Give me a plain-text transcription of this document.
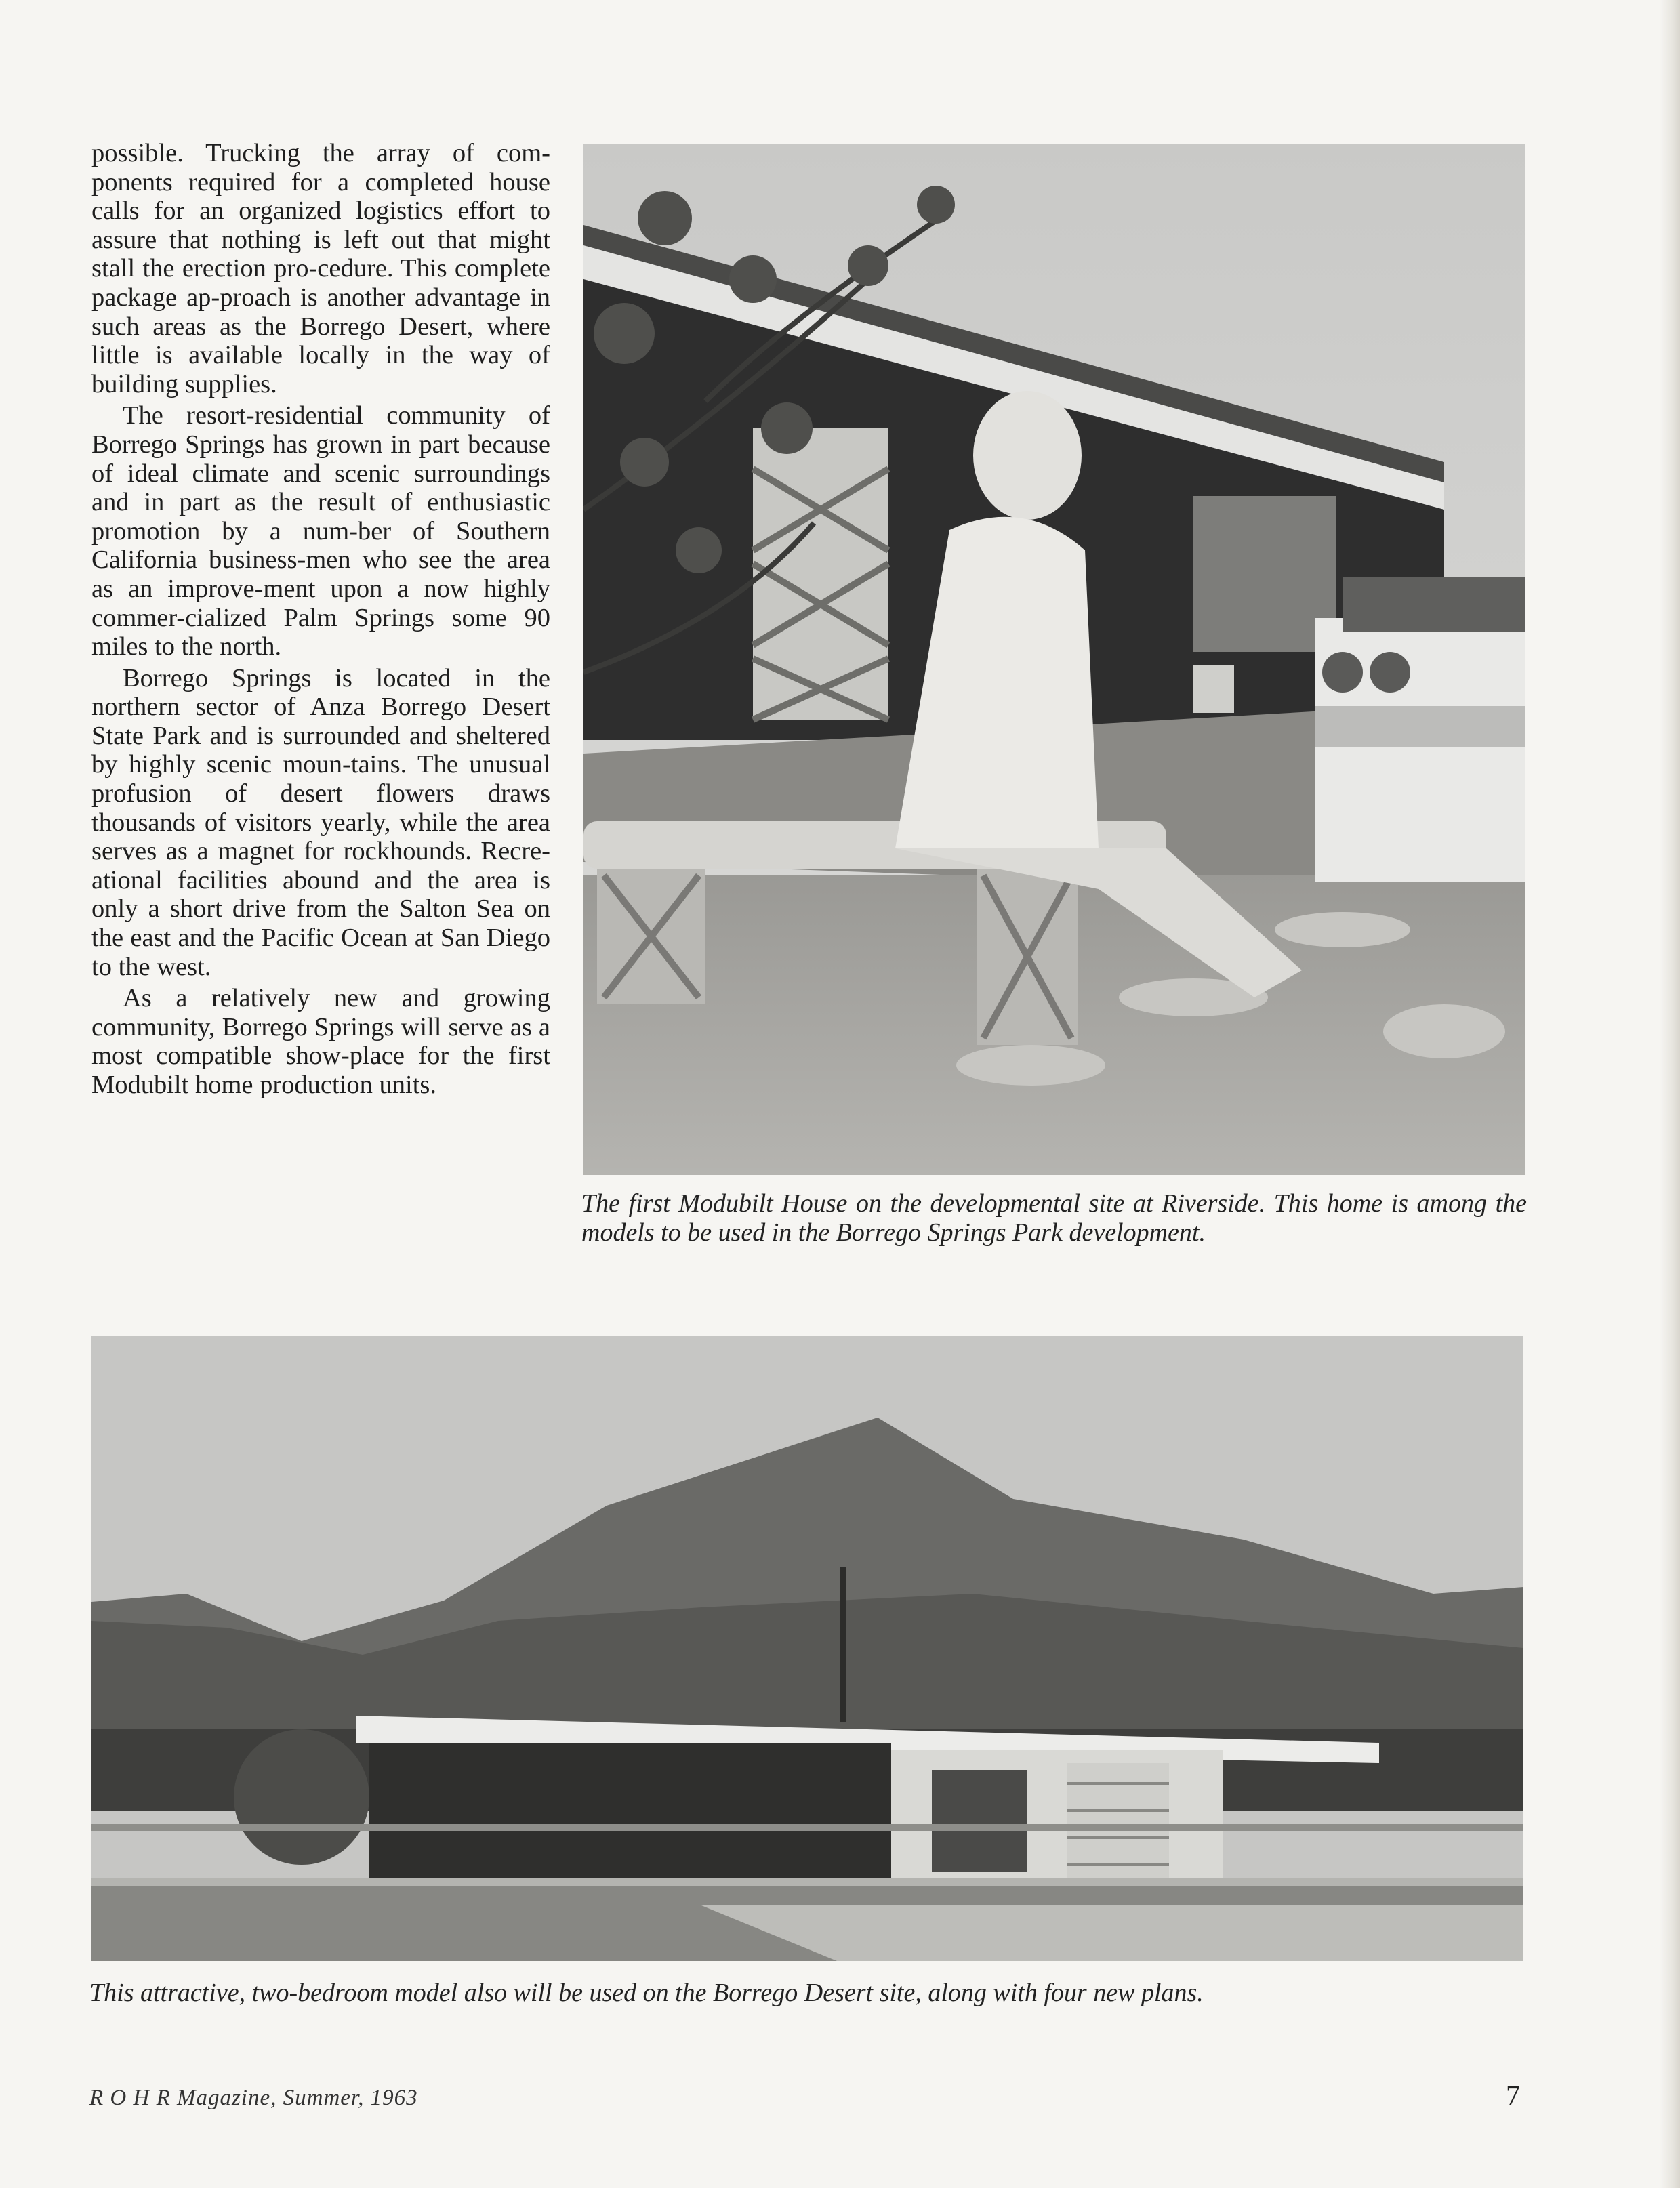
possible. Trucking the array of com-ponents required for a completed house calls for an organized logistics effort to assure that nothing is left out that might stall the erection pro-cedure. This complete package ap-proach is another advantage in such areas as the Borrego Desert, where little is available locally in the way of building supplies.

The resort-residential community of Borrego Springs has grown in part because of ideal climate and scenic surroundings and in part as the result of enthusiastic promotion by a num-ber of Southern California business-men who see the area as an improve-ment upon a now highly commer-cialized Palm Springs some 90 miles to the north.

Borrego Springs is located in the northern sector of Anza Borrego Desert State Park and is surrounded and sheltered by highly scenic moun-tains. The unusual profusion of desert flowers draws thousands of visitors yearly, while the area serves as a magnet for rockhounds. Recre-ational facilities abound and the area is only a short drive from the Salton Sea on the east and the Pacific Ocean at San Diego to the west.

As a relatively new and growing community, Borrego Springs will serve as a most compatible show-place for the first Modubilt home production units.

The first Modubilt House on the developmental site at Riverside. This home is among the models to be used in the Borrego Springs Park development.
This attractive, two-bedroom model also will be used on the Borrego Desert site, along with four new plans.
R O H R Magazine, Summer, 1963	7
